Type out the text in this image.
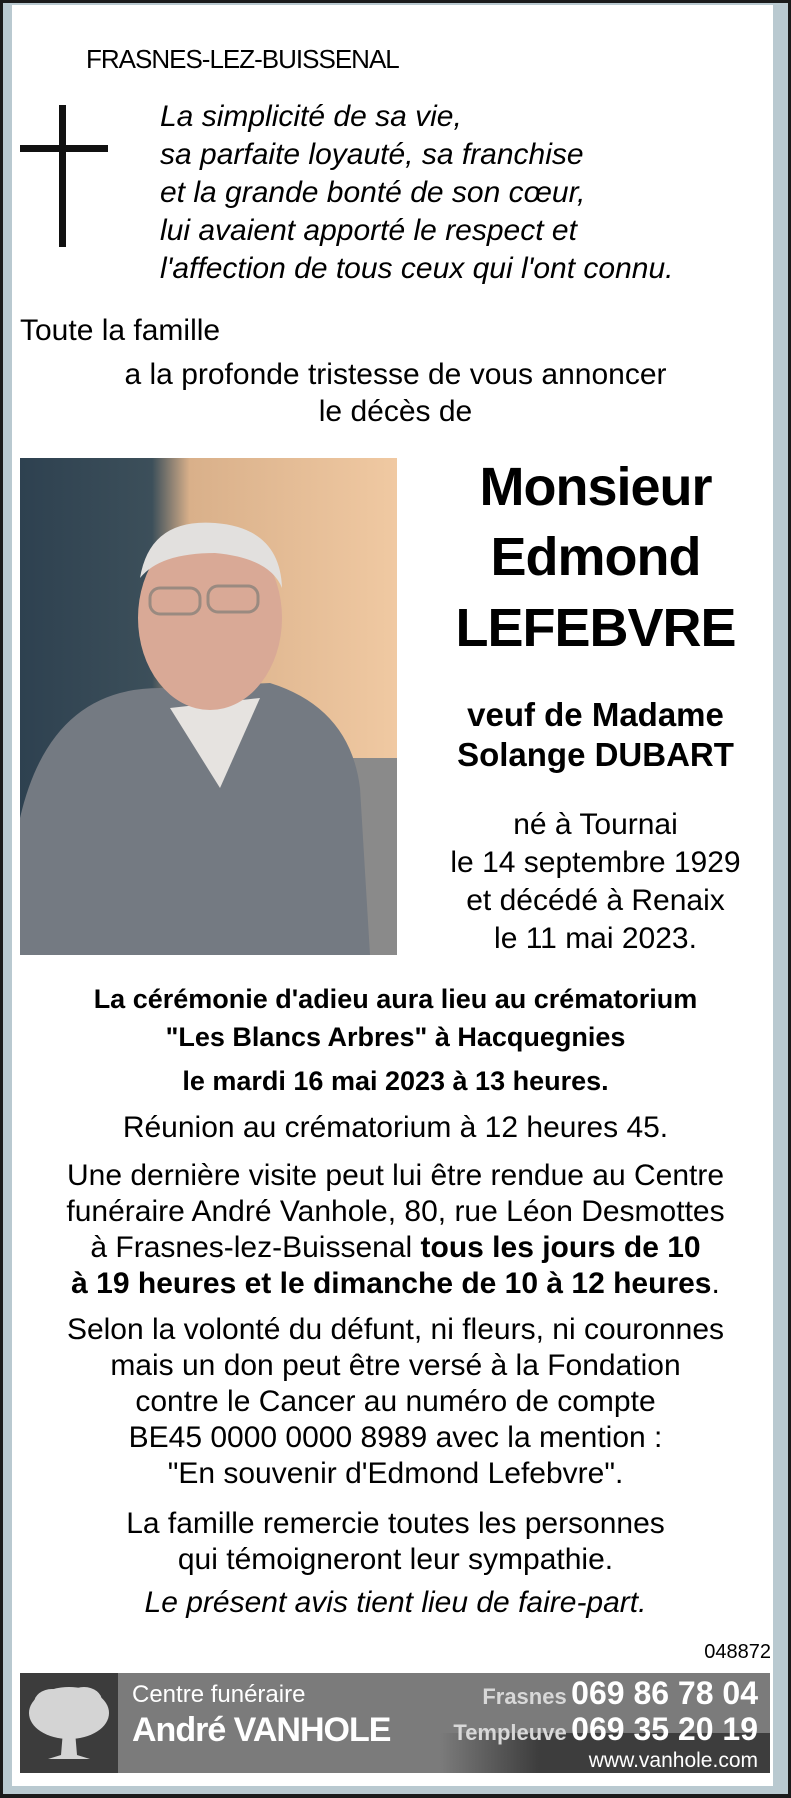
FRASNES-LEZ-BUISSENAL
La simplicité de sa vie,
sa parfaite loyauté, sa franchise
et la grande bonté de son cœur,
lui avaient apporté le respect et
l'affection de tous ceux qui l'ont connu.
Toute la famille
a la profonde tristesse de vous annoncer
le décès de
Monsieur
Edmond
LEFEBVRE
veuf de Madame
Solange DUBART
né à Tournai
le 14 septembre 1929
et décédé à Renaix
le 11 mai 2023.
La cérémonie d'adieu aura lieu au crématorium
"Les Blancs Arbres" à Hacquegnies
le mardi 16 mai 2023 à 13 heures.
Réunion au crématorium à 12 heures 45.
Une dernière visite peut lui être rendue au Centre
funéraire André Vanhole, 80, rue Léon Desmottes
à Frasnes-lez-Buissenal tous les jours de 10
à 19 heures et le dimanche de 10 à 12 heures.
Selon la volonté du défunt, ni fleurs, ni couronnes
mais un don peut être versé à la Fondation
contre le Cancer au numéro de compte
BE45 0000 0000 8989 avec la mention :
"En souvenir d'Edmond Lefebvre".
La famille remercie toutes les personnes
qui témoigneront leur sympathie.
Le présent avis tient lieu de faire-part.
048872
Centre funéraire
André VANHOLE
Frasnes 069 86 78 04
Templeuve 069 35 20 19
www.vanhole.com
